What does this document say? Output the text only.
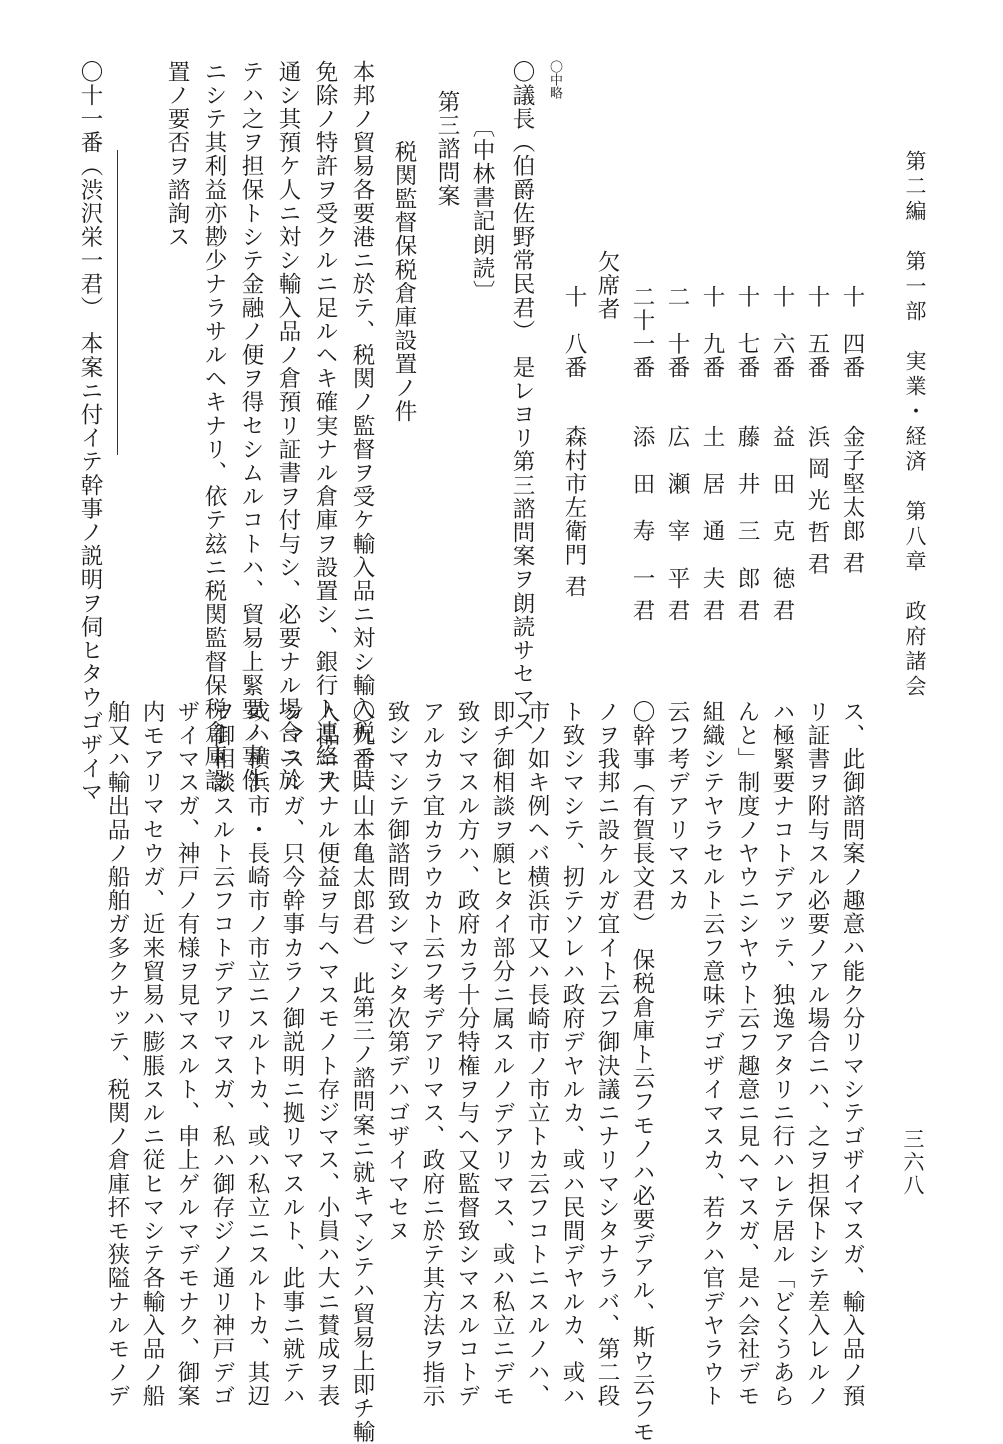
第二編　第一部　実業・経済　第八章　政府諸会
三六八
十　四番
金子堅太郎 君
十　五番
浜 岡 光 哲 君
十　六番
益　田　克　徳 君
十　七番
藤　井　三　郎 君
十　九番
土　居　通　夫 君
二　十番
広　瀬　宰　平 君
二十一番
添　田　寿　一 君
欠席者
十　八番
森村市左衛門 君
〇中略
〇議長（伯爵佐野常民君）　是レヨリ第三諮問案ヲ朗読サセマス
〔中林書記朗読〕
第三諮問案
税関監督保税倉庫設置ノ件
本邦ノ貿易各要港ニ於テ、税関ノ監督ヲ受ケ輸入品ニ対シ輸入税一時
免除ノ特許ヲ受クルニ足ルヘキ確実ナル倉庫ヲ設置シ、銀行ト連絡ヲ
通シ其預ケ人ニ対シ輸入品ノ倉預リ証書ヲ付与シ、必要ナル場合ニ於
テハ之ヲ担保トシテ金融ノ便ヲ得セシムルコトハ、貿易上緊要ノ事件
ニシテ其利益亦尠少ナラサルヘキナリ、依テ玆ニ税関監督保税倉庫設
置ノ要否ヲ諮詢ス
〇十一番（渋沢栄一君）　本案ニ付イテ幹事ノ説明ヲ伺ヒタウゴザイマ
ス、此御諮問案ノ趣意ハ能ク分リマシテゴザイマスガ、輸入品ノ預
リ証書ヲ附与スル必要ノアル場合ニハ、之ヲ担保トシテ差入レルノ
ハ極緊要ナコトデアッテ、独逸アタリニ行ハレテ居ル「どくうあら
んと」制度ノヤウニシヤウト云フ趣意ニ見ヘマスガ、是ハ会社デモ
組織シテヤラセルト云フ意味デゴザイマスカ、若クハ官デヤラウト
云フ考デアリマスカ
〇幹事（有賀長文君）　保税倉庫ト云フモノハ必要デアル、斯ウ云フモ
ノヲ我邦ニ設ケルガ宜イト云フ御決議ニナリマシタナラバ、第二段
ト致シマシテ、扨テソレハ政府デヤルカ、或ハ民間デヤルカ、或ハ
市ノ如キ例ヘバ横浜市又ハ長崎市ノ市立トカ云フコトニスルノハ、
即チ御相談ヲ願ヒタイ部分ニ属スルノデアリマス、或ハ私立ニデモ
致シマスル方ハ、政府カラ十分特権ヲ与ヘ又監督致シマスルコトデ
アルカラ宜カラウカト云フ考デアリマス、政府ニ於テ其方法ヲ指示
致シマシテ御諮問致シマシタ次第デハゴザイマセヌ
〇九番（山本亀太郎君）　此第三ノ諮問案ニ就キマシテハ貿易上即チ輸
入品ニ大ナル便益ヲ与ヘマスモノト存ジマス、小員ハ大ニ賛成ヲ表
シマスルガ、只今幹事カラノ御説明ニ拠リマスルト、此事ニ就テハ
或ハ横浜市・長崎市ノ市立ニスルトカ、或ハ私立ニスルトカ、其辺
ヲ御相談スルト云フコトデアリマスガ、私ハ御存ジノ通リ神戸デゴ
ザイマスガ、神戸ノ有様ヲ見マスルト、申上ゲルマデモナク、御案
内モアリマセウガ、近来貿易ハ膨脹スルニ従ヒマシテ各輸入品ノ船
舶又ハ輸出品ノ船舶ガ多クナッテ、税関ノ倉庫抔モ狭隘ナルモノデ
